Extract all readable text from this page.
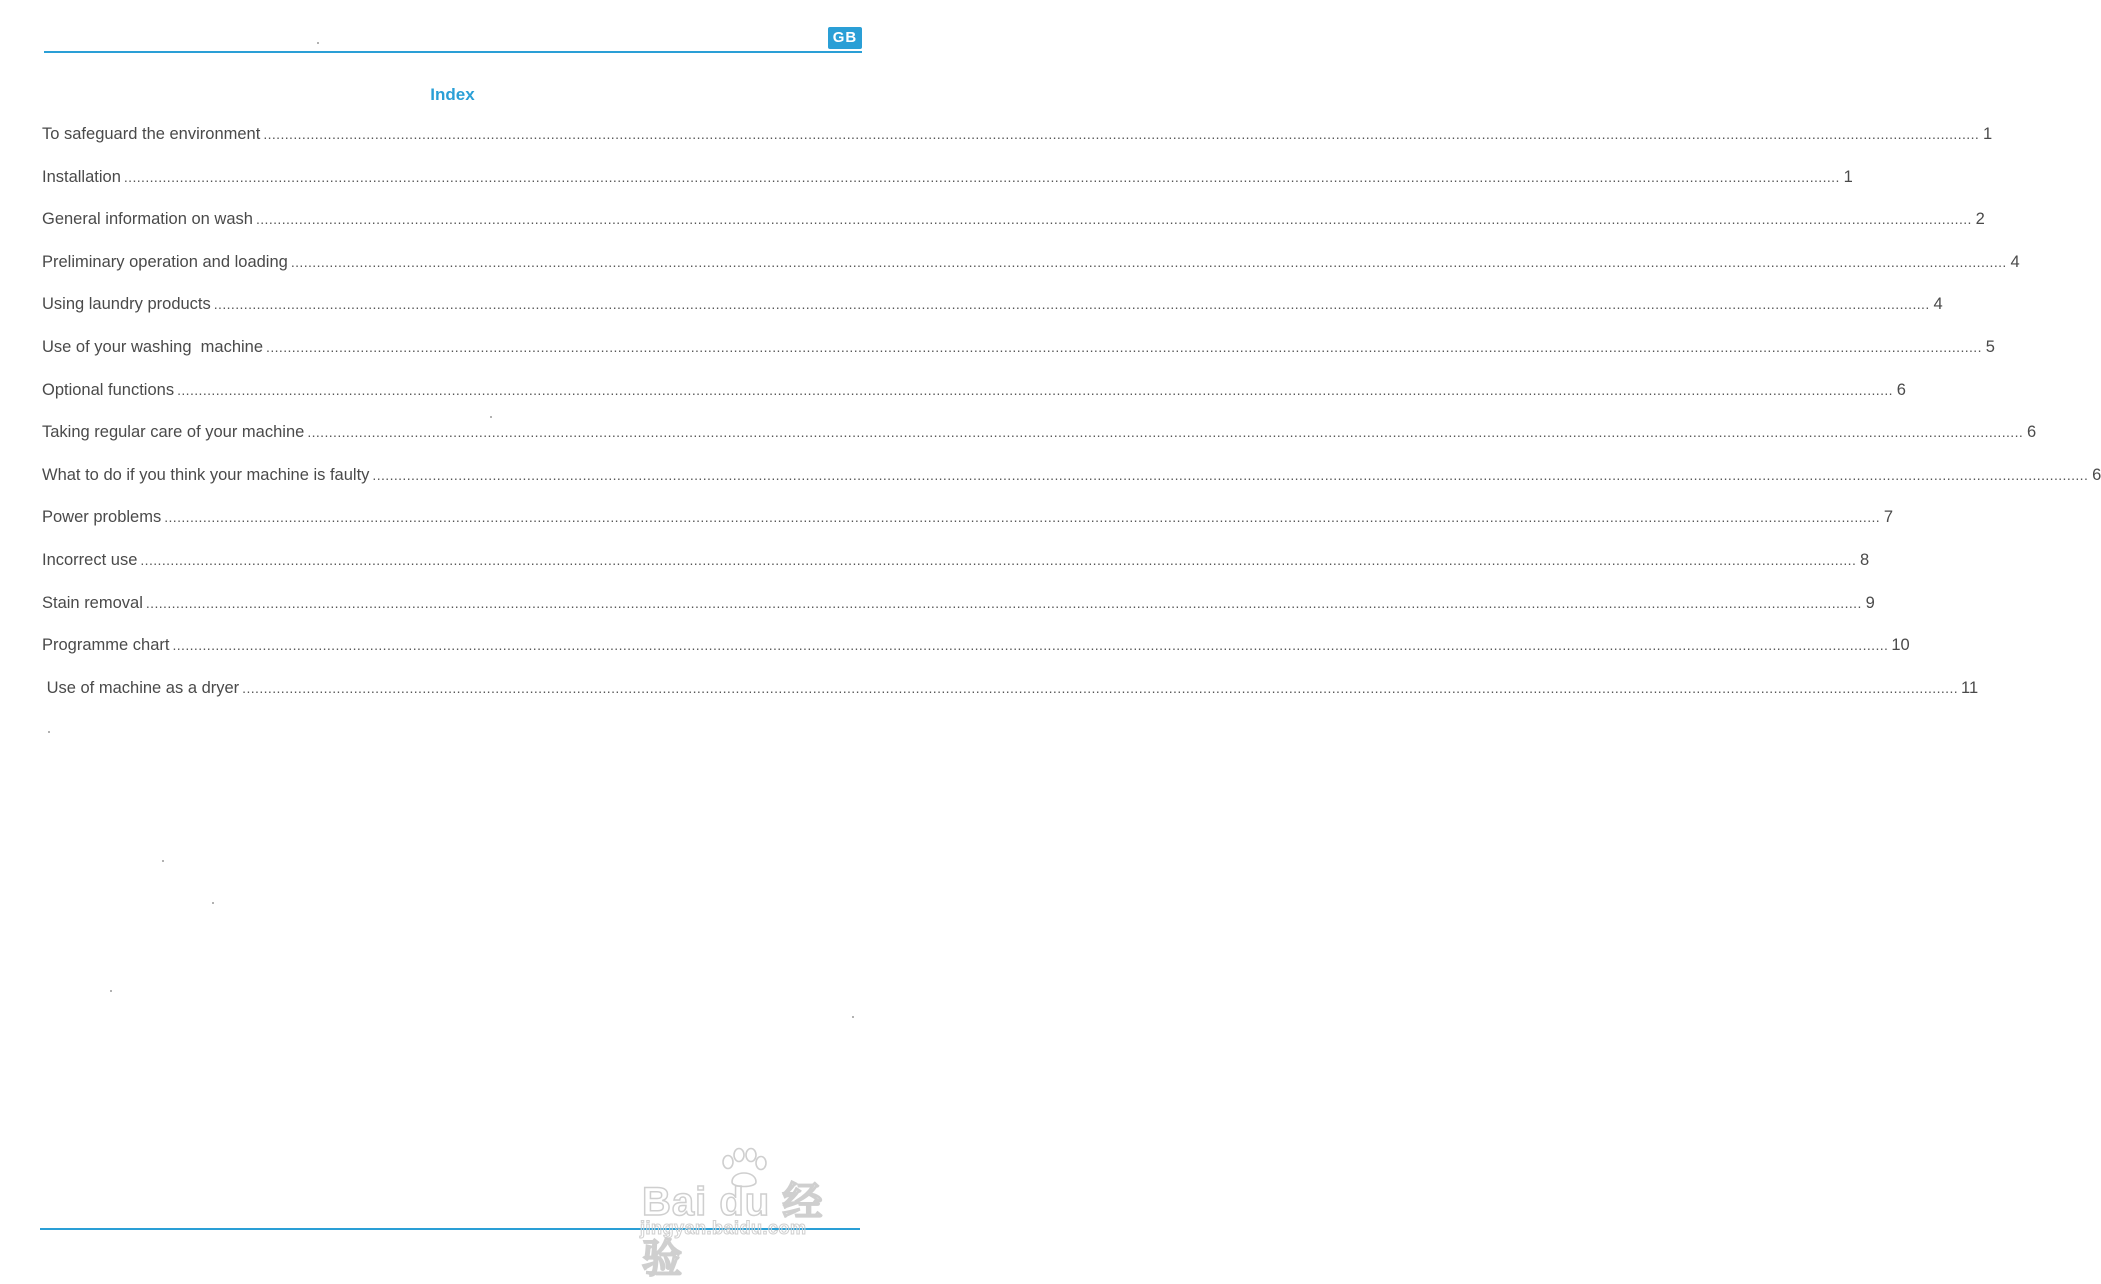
GB
Index
To safeguard the environment ................................................................................................................................................................................................................................................................................................................................................................................................................ 1
Installation ................................................................................................................................................................................................................................................................................................................................................................................................................ 1
General information on wash ................................................................................................................................................................................................................................................................................................................................................................................................................ 2
Preliminary operation and loading ................................................................................................................................................................................................................................................................................................................................................................................................................ 4
Using laundry products ................................................................................................................................................................................................................................................................................................................................................................................................................ 4
Use of your washing  machine ................................................................................................................................................................................................................................................................................................................................................................................................................ 5
Optional functions ................................................................................................................................................................................................................................................................................................................................................................................................................ 6
Taking regular care of your machine ................................................................................................................................................................................................................................................................................................................................................................................................................ 6
What to do if you think your machine is faulty ................................................................................................................................................................................................................................................................................................................................................................................................................ 6
Power problems ................................................................................................................................................................................................................................................................................................................................................................................................................ 7
Incorrect use ................................................................................................................................................................................................................................................................................................................................................................................................................ 8
Stain removal ................................................................................................................................................................................................................................................................................................................................................................................................................ 9
Programme chart ................................................................................................................................................................................................................................................................................................................................................................................................................ 10
Use of machine as a dryer ................................................................................................................................................................................................................................................................................................................................................................................................................ 11
Bai du 经验
jingyan.baidu.com
